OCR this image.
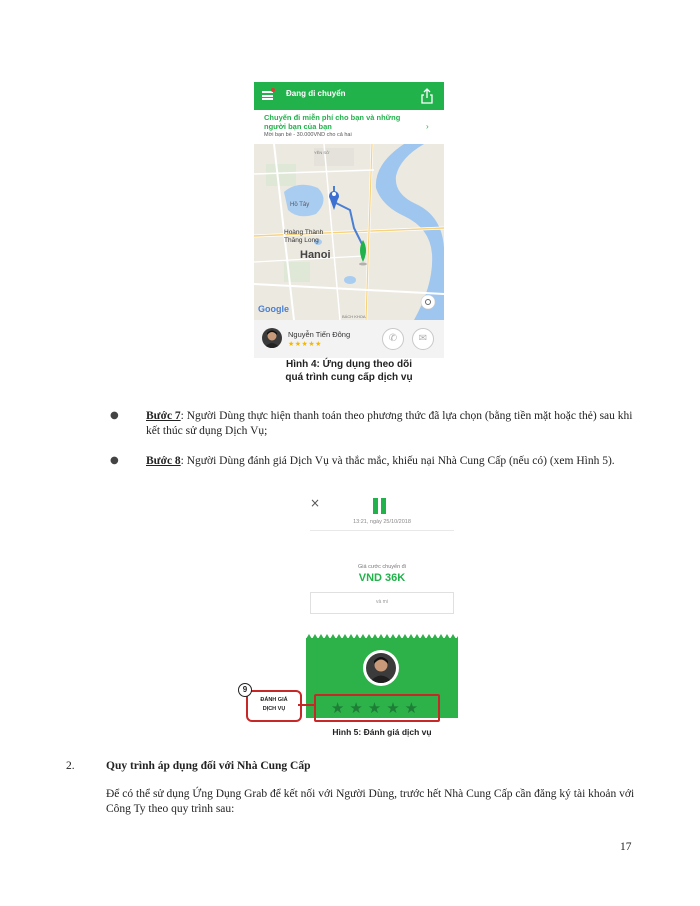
Đang di chuyển
Chuyến đi miễn phí cho bạn và những người bạn của bạn
Mời bạn bè - 30.000VND cho cả hai
›
Hồ Tây
Hoàng Thành
Thăng Long
Hanoi
YÊN SỞ
BÁCH KHOA
Google
Nguyễn Tiến Đông
★★★★★	✆	✉
Hình 4: Ứng dụng theo dõi
quá trình cung cấp dịch vụ
● Bước 7: Người Dùng thực hiện thanh toán theo phương thức đã lựa chọn (bằng tiền mặt hoặc thẻ) sau khi kết thúc sử dụng Dịch Vụ;
● Bước 8: Người Dùng đánh giá Dịch Vụ và thắc mắc, khiếu nại Nhà Cung Cấp (nếu có) (xem Hình 5).
×
13:21, ngày 25/10/2018
Giá cước chuyến đi
VND 36K
và mi
★★★★★
ĐÁNH GIÁ
DỊCH VỤ
9
Hình 5: Đánh giá dịch vụ
2.	Quy trình áp dụng đối với Nhà Cung Cấp
Để có thể sử dụng Ứng Dụng Grab để kết nối với Người Dùng, trước hết Nhà Cung Cấp cần đăng ký tài khoản với Công Ty theo quy trình sau:
17
